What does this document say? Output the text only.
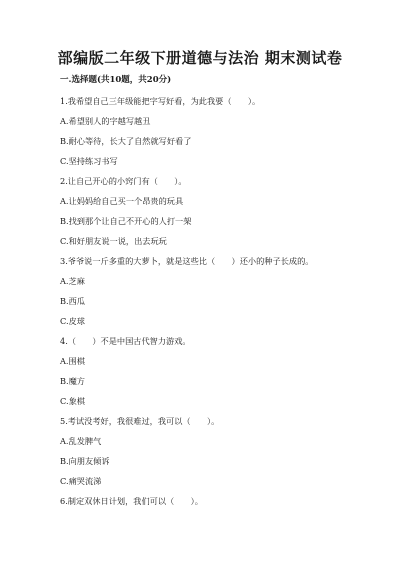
部编版二年级下册道德与法治 期末测试卷
一.选择题(共10题，共20分)
1.我希望自己三年级能把字写好看，为此我要（　　）。
A.希望别人的字越写越丑
B.耐心等待，长大了自然就写好看了
C.坚持练习书写
2.让自己开心的小窍门有（　　）。
A.让妈妈给自己买一个昂贵的玩具
B.找到那个让自己不开心的人打一架
C.和好朋友说一说，出去玩玩
3.爷爷说一斤多重的大萝卜，就是这些比（　　）还小的种子长成的。
A.芝麻
B.西瓜
C.皮球
4.（　　）不是中国古代智力游戏。
A.围棋
B.魔方
C.象棋
5.考试没考好，我很难过，我可以（　　）。
A.乱发脾气
B.向朋友倾诉
C.痛哭流涕
6.制定双休日计划，我们可以（　　）。
